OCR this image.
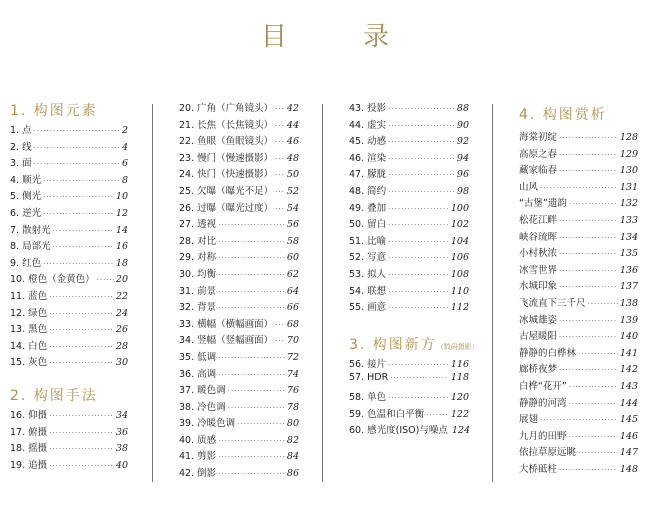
目 录
1. 构图元素
1. 点 ·····	2
2. 线 ·····	4
3. 面 ·····	6
4. 顺光 ·····	8
5. 侧光 ·····	10
6. 逆光 ·····	12
7. 散射光 ·····	14
8. 局部光 ·····	16
9. 红色 ·····	18
10. 橙色（金黄色） ····· 20
11. 蓝色 ·····	22
12. 绿色 ·····	24
13. 黑色 ·····	26
14. 白色 ·····	28
15. 灰色 ·····	30
2. 构图手法
16. 仰摄 ·····	34
17. 俯摄 ·····	36
18. 摇摄 ·····	38
19. 追摄 ·····	40
20. 广角（广角镜头） ····· 42
21. 长焦（长焦镜头） ····· 44
22. 鱼眼（鱼眼镜头） ····· 46
23. 慢门（慢速摄影） ····· 48
24. 快门（快速摄影） ····· 50
25. 欠曝（曝光不足） ····· 52
26. 过曝（曝光过度） ····· 54
27. 透视 ·····	56
28. 对比 ·····	58
29. 对称 ·····	60
30. 均衡 ·····	62
31. 前景 ·····	64
32. 背景 ·····	66
33. 横幅（横幅画面） ····· 68
34. 竖幅（竖幅画面） ····· 70
35. 低调 ·····	72
36. 高调 ·····	74
37. 暖色调 ·····	76
38. 冷色调 ·····	78
39. 冷暖色调 ·····	80
40. 质感 ·····	82
41. 剪影 ·····	84
42. 倒影 ·····	86
43. 投影 ·····	88
44. 虚实 ·····	90
45. 动感 ·····	92
46. 渲染 ·····	94
47. 朦胧 ·····	96
48. 简约 ·····	98
49. 叠加 ·····	100
50. 留白 ·····	102
51. 比喻 ·····	104
52. 写意 ·····	106
53. 拟人 ·····	108
54. 联想 ·····	110
55. 画意 ·····	112
3. 构图新方（数码摄影）
56. 接片 ·····	116
57. HDR ·····	118
58. 单色 ·····	120
59. 色温和白平衡 ·····	122
60. 感光度(ISO)与噪点 124
4. 构图赏析
海棠初绽 ·····	128
高原之春 ·····	129
藏家临春 ·····	130
山风 ·····	131
“古堡”遗韵 ·····	132
松花江畔 ·····	133
峡谷琉晖 ·····	134
小村秋浓 ·····	135
冰雪世界 ·····	136
水城印象 ·····	137
飞流直下三千尺 ·····	138
冰城雄姿 ·····	139
古屋暖阳 ·····	140
静静的白桦林 ·····	141
廊桥夜梦 ·····	142
白桦“花开” ·····	143
静静的河湾 ·····	144
展翅 ·····	145
九月的田野 ·····	146
依拉草原远眺 ·····	147
大桥砥柱 ·····	148
